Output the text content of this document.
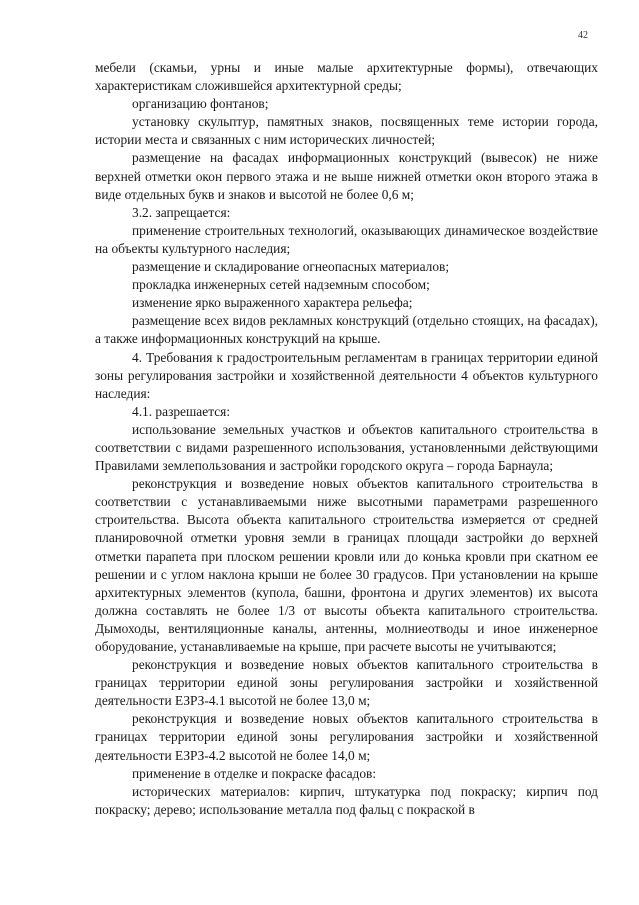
42

мебели (скамьи, урны и иные малые архитектурные формы), отвечающих характеристикам сложившейся архитектурной среды;

организацию фонтанов;

установку скульптур, памятных знаков, посвященных теме истории города, истории места и связанных с ним исторических личностей;

размещение на фасадах информационных конструкций (вывесок) не ниже верхней отметки окон первого этажа и не выше нижней отметки окон второго этажа в виде отдельных букв и знаков и высотой не более 0,6 м;

3.2. запрещается:

применение строительных технологий, оказывающих динамическое воздействие на объекты культурного наследия;

размещение и складирование огнеопасных материалов;

прокладка инженерных сетей надземным способом;

изменение ярко выраженного характера рельефа;

размещение всех видов рекламных конструкций (отдельно стоящих, на фасадах), а также информационных конструкций на крыше.

4. Требования к градостроительным регламентам в границах территории единой зоны регулирования застройки и хозяйственной деятельности 4 объектов культурного наследия:

4.1. разрешается:

использование земельных участков и объектов капитального строительства в соответствии с видами разрешенного использования, установленными действующими Правилами землепользования и застройки городского округа – города Барнаула;

реконструкция и возведение новых объектов капитального строительства в соответствии с устанавливаемыми ниже высотными параметрами разрешенного строительства. Высота объекта капитального строительства измеряется от средней планировочной отметки уровня земли в границах площади застройки до верхней отметки парапета при плоском решении кровли или до конька кровли при скатном ее решении и с углом наклона крыши не более 30 градусов. При установлении на крыше архитектурных элементов (купола, башни, фронтона и других элементов) их высота должна составлять не более 1/3 от высоты объекта капитального строительства. Дымоходы, вентиляционные каналы, антенны, молниеотводы и иное инженерное оборудование, устанавливаемые на крыше, при расчете высоты не учитываются;

реконструкция и возведение новых объектов капитального строительства в границах территории единой зоны регулирования застройки и хозяйственной деятельности ЕЗРЗ-4.1 высотой не более 13,0 м;

реконструкция и возведение новых объектов капитального строительства в границах территории единой зоны регулирования застройки и хозяйственной деятельности ЕЗРЗ-4.2 высотой не более 14,0 м;

применение в отделке и покраске фасадов:

исторических материалов: кирпич, штукатурка под покраску; кирпич под покраску; дерево; использование металла под фальц с покраской в
